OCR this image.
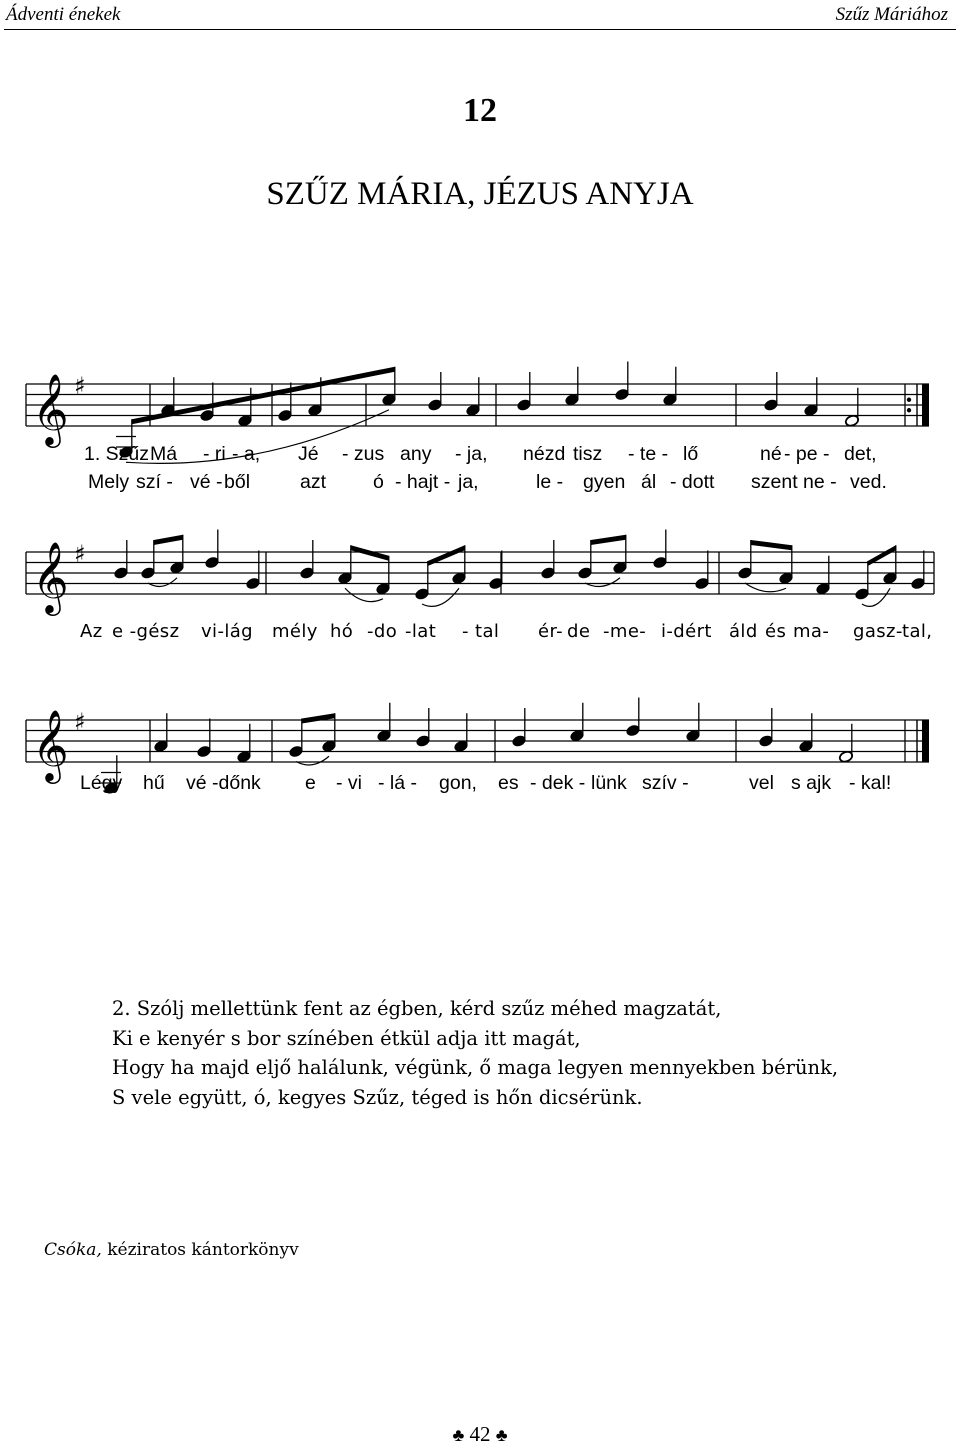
Ádventi énekek	Szűz Máriához
12
SZŰZ MÁRIA, JÉZUS ANYJA
𝄞 ♯
𝄞 ♯
𝄞 ♯
1. Szűz Má - ri - a, Jé - zus any - ja, nézd tisz - te - lő	né - pe - det,
Mely szí - vé - ből	azt ó - hajt - ja,	le - gyen ál - dott szent ne - ved.
Az e -gész vi-lág mély hó -do -lat - tal ér- de -me- i-dért áld és ma- gasz- tal,
Légy hű vé -dőnk e - vi - lá - gon, es - dek - lünk szív -	vel s ajk - kal!
2. Szólj mellettünk fent az égben, kérd szűz méhed magzatát,
Ki e kenyér s bor színében étkül adja itt magát,
Hogy ha majd eljő halálunk, végünk, ő maga legyen mennyekben bérünk,
S vele együtt, ó, kegyes Szűz, téged is hőn dicsérünk.
Csóka, kéziratos kántorkönyv
♣ 42 ♣
